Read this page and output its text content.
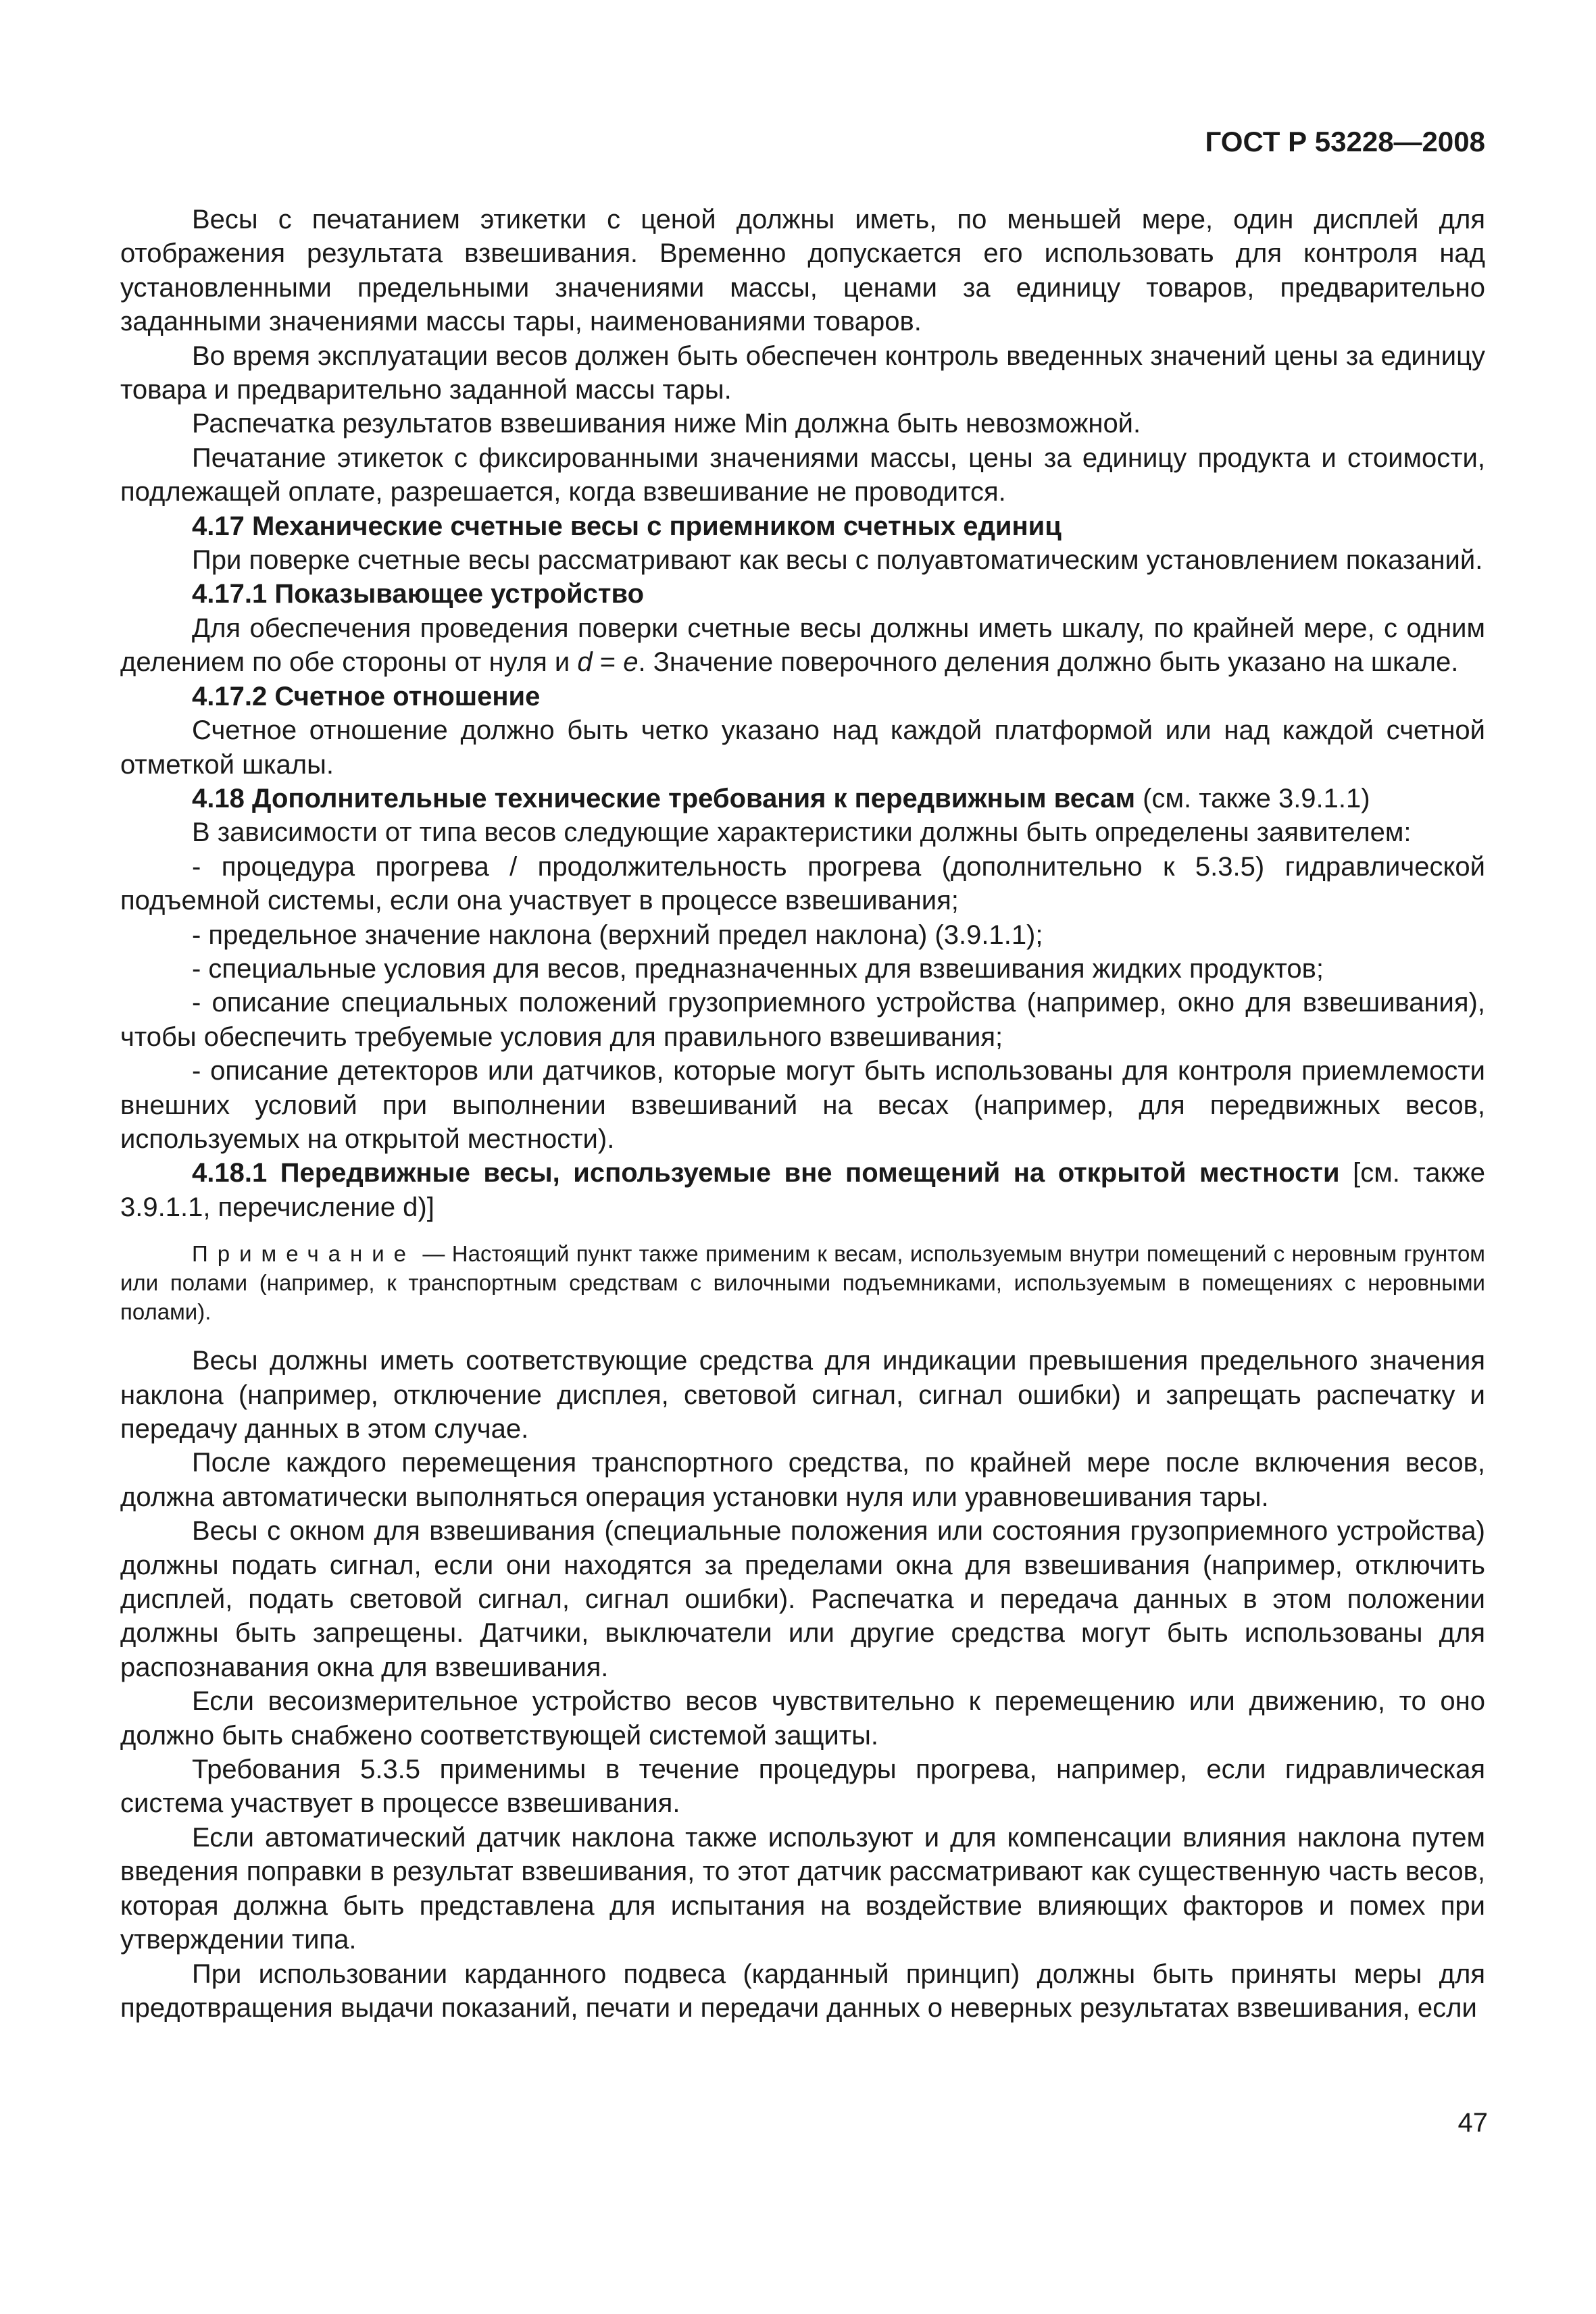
ГОСТ Р 53228—2008

Весы с печатанием этикетки с ценой должны иметь, по меньшей мере, один дисплей для отображения результата взвешивания. Временно допускается его использовать для контроля над установленными предельными значениями массы, ценами за единицу товаров, предварительно заданными значениями массы тары, наименованиями товаров.

Во время эксплуатации весов должен быть обеспечен контроль введенных значений цены за единицу товара и предварительно заданной массы тары.

Распечатка результатов взвешивания ниже Min должна быть невозможной.

Печатание этикеток с фиксированными значениями массы, цены за единицу продукта и стоимости, подлежащей оплате, разрешается, когда взвешивание не проводится.

4.17 Механические счетные весы с приемником счетных единиц

При поверке счетные весы рассматривают как весы с полуавтоматическим установлением показаний.

4.17.1 Показывающее устройство

Для обеспечения проведения поверки счетные весы должны иметь шкалу, по крайней мере, с одним делением по обе стороны от нуля и d = e. Значение поверочного деления должно быть указано на шкале.

4.17.2 Счетное отношение

Счетное отношение должно быть четко указано над каждой платформой или над каждой счетной отметкой шкалы.

4.18 Дополнительные технические требования к передвижным весам (см. также 3.9.1.1)

В зависимости от типа весов следующие характеристики должны быть определены заявителем:

- процедура прогрева / продолжительность прогрева (дополнительно к 5.3.5) гидравлической подъемной системы, если она участвует в процессе взвешивания;

- предельное значение наклона (верхний предел наклона) (3.9.1.1);

- специальные условия для весов, предназначенных для взвешивания жидких продуктов;

- описание специальных положений грузоприемного устройства (например, окно для взвешивания), чтобы обеспечить требуемые условия для правильного взвешивания;

- описание детекторов или датчиков, которые могут быть использованы для контроля приемлемости внешних условий при выполнении взвешиваний на весах (например, для передвижных весов, используемых на открытой местности).

4.18.1 Передвижные весы, используемые вне помещений на открытой местности [см. также 3.9.1.1, перечисление d)]

Примечание — Настоящий пункт также применим к весам, используемым внутри помещений с неровным грунтом или полами (например, к транспортным средствам с вилочными подъемниками, используемым в помещениях с неровными полами).

Весы должны иметь соответствующие средства для индикации превышения предельного значения наклона (например, отключение дисплея, световой сигнал, сигнал ошибки) и запрещать распечатку и передачу данных в этом случае.

После каждого перемещения транспортного средства, по крайней мере после включения весов, должна автоматически выполняться операция установки нуля или уравновешивания тары.

Весы с окном для взвешивания (специальные положения или состояния грузоприемного устройства) должны подать сигнал, если они находятся за пределами окна для взвешивания (например, отключить дисплей, подать световой сигнал, сигнал ошибки). Распечатка и передача данных в этом положении должны быть запрещены. Датчики, выключатели или другие средства могут быть использованы для распознавания окна для взвешивания.

Если весоизмерительное устройство весов чувствительно к перемещению или движению, то оно должно быть снабжено соответствующей системой защиты.

Требования 5.3.5 применимы в течение процедуры прогрева, например, если гидравлическая система участвует в процессе взвешивания.

Если автоматический датчик наклона также используют и для компенсации влияния наклона путем введения поправки в результат взвешивания, то этот датчик рассматривают как существенную часть весов, которая должна быть представлена для испытания на воздействие влияющих факторов и помех при утверждении типа.

При использовании карданного подвеса (карданный принцип) должны быть приняты меры для предотвращения выдачи показаний, печати и передачи данных о неверных результатах взвешивания, если

47
